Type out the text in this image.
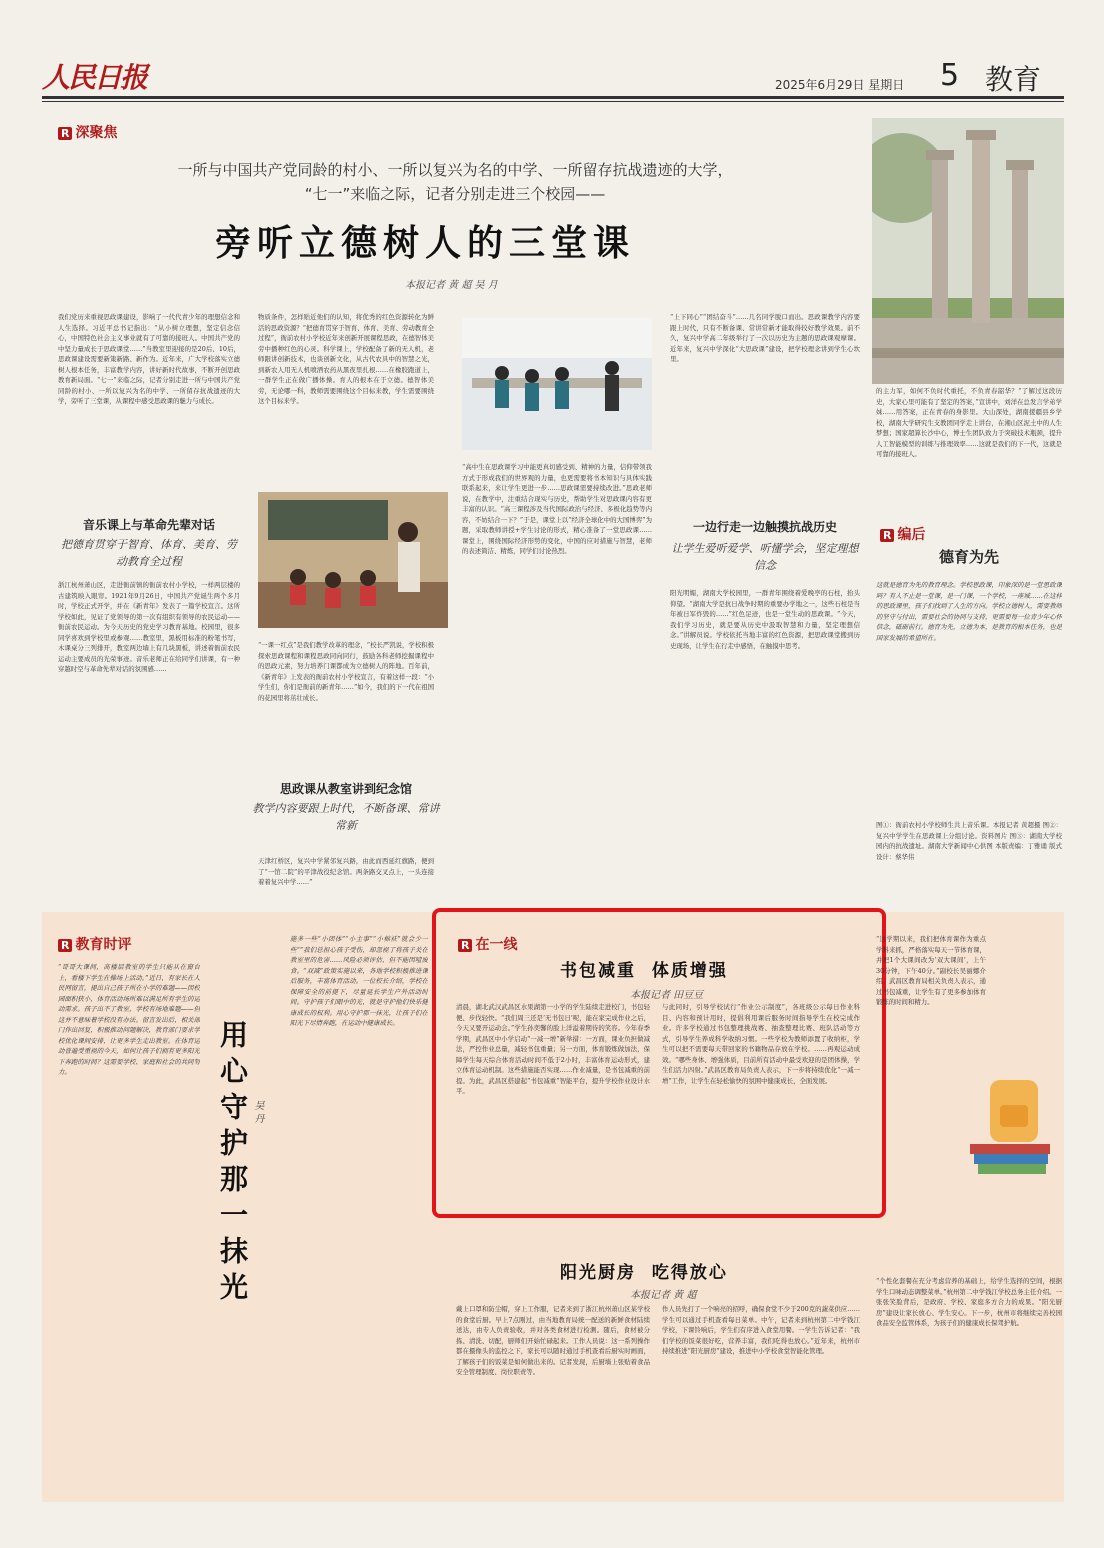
人民日报	2025年6月29日 星期日 5 教育
R 深聚焦
一所与中国共产党同龄的村小、一所以复兴为名的中学、一所留存抗战遗迹的大学，
“七一”来临之际，记者分别走进三个校园——
旁听立德树人的三堂课
本报记者 黄 超 吴 月
我们党历来重视思政课建设，影响了一代代青少年的理想信念和人生选择。习近平总书记指出：“从小树立理想，坚定信念信心，中国特色社会主义事业就有了可靠的接班人。中国共产党的中坚力量成长于思政课堂……”当教室里迎接的是20后、10后，思政课建设需要新策新路、新作为。近年来，广大学校落实立德树人根本任务，丰富教学内容，讲好新时代故事，不断开创思政教育新局面。“七一”来临之际，记者分别走进一所与中国共产党同龄的村小、一所以复兴为名的中学、一所留存抗战遗迹的大学，旁听了三堂课，从课程中感受思政课的魅力与成长。
音乐课上与革命先辈对话
把德育贯穿于智育、体育、美育、劳动教育全过程
浙江杭州萧山区，走进衙前镇的衙前农村小学校，一样两层楼的古建筑映入眼帘。1921年9月26日，中国共产党诞生两个多月时，学校正式开学，并在《新青年》发表了一篇学校宣言。这所学校如此，见证了党领导的第一次有组织有领导的农民运动——衙前农民运动。为今天历史的党史学习教育基地。校园里，很多同学喜欢到学校里或参观……教室里，黑板用标准的粉笔书写，木课桌分三列排开，教室两边墙上有几块黑板，讲述着衙前农民运动主要成员的光荣事迹。音乐老师正在给同学们讲课，有一种穿越时空与革命先辈对话的氛围感……
物质条件，怎样贴近他们的认知，将优秀的红色资源转化为鲜活的思政资源？“把德育贯穿于智育、体育、美育、劳动教育全过程”，衙前农村小学校近年来创新开展课程思政，在德智体美劳中播种红色的心灵。科学课上，学校配备了新的无人机，老师跟讲创新技术，也谈创新文化，从古代农具中的智慧之光，到新农人用无人机喷洒农药从黑夜里扎根……在橡胶跑道上，一群学生正在做广播体操。育人的根本在于立德。德智体美劳，无论哪一科，教师需要围绕这个目标来教，学生需要围绕这个目标来学。
“一课一红点”是我们教学改革的理念，“校长严凯说，学校积极探索思政课程和课程思政同向同行，鼓励各科老师挖掘课程中的思政元素，努力培养门课都成为立德树人的阵地。百年前，《新青年》上发表的衙前农村小学校宣言，有着这样一段：“小学生们，你们是衙前的新青年……”如今，我们的下一代在祖国的花园里将茁壮成长。
思政课从教室讲到纪念馆
教学内容要跟上时代，不断备课、常讲常新
天津红桥区，复兴中学紧邻复兴路，由此而西延红旗路，便到了“一馆二院”的平津战役纪念馆。两条路交叉点上，一头连接着着复兴中学……”
“高中生在思政课学习中能更真切感受到、精神的力量，信仰带领我方式于形成我们的世界观的力量，也更需要将书本知识与具体实践联系起来，来让学生更进一步……思政课需要持续改进。”思政老师说，在教学中，注重结合现实与历史，帮助学生对思政课内容有更丰富的认识。“高三课程涉及当代国际政治与经济、多极化趋势等内容，不妨结合一下？”于是，课堂上以“经济全球化中的大国博弈”为题，采取教师讲授+学生讨论的形式，精心准备了一堂思政课……课堂上，围绕国际经济形势的变化，中国的应对措施与智慧，老师的表述简洁、精炼，同学们讨论热烈。
“上下同心”“团结奋斗”……几名同学脱口而出。思政课教学内容要跟上时代，只有不断备课、常讲常新才能取得较好教学效果。前不久，复兴中学高二年级举行了一次以历史为主题的思政课观摩课。近年来，复兴中学深化“大思政课”建设，把学校理念讲到学生心坎里。
一边行走一边触摸抗战历史
让学生爱听爱学、听懂学会，坚定理想信念
阳光明媚，湖南大学校园里，一群青年围绕着爱晚亭的石柱，抬头仰望。“湖南大学是抗日战争时期的重要办学地之一，这些石柱是当年被日军炸毁的……”红色足迹，也是一堂生动的思政课。“今天，我们学习历史，就是要从历史中汲取智慧和力量，坚定理想信念。”讲解员说。学校依托当地丰富的红色资源，把思政课堂搬到历史现场，让学生在行走中感悟，在触摸中思考。
的主力军，如何不负时代重托，不负青春韶华？“了解过这段历史，大家心里可能有了坚定的答案，”宣讲中，刘洋在总发言学弟学妹……用答案，正在青春的身影里。大山深处，湖南援疆县乡学校，湖南大学研究生支教团同学走上讲台，在湘山区泥土中的人生梦想；国家超算长沙中心，博士生团队致力于突破技术瓶颈，提升人工智能模型的训练与推理效率……这就是我们的下一代，这就是可靠的接班人。
R 编后
德育为先
这就是德育为先的教育理念。学校思政课，印象深的是一堂思政课吗？有人不止是一堂课，是一门课，一个学校，一座城……在这样的思政课里，孩子们找到了人生的方向。学校立德树人，需要教师的坚守与付出，需要社会的协同与支持，更需要每一位青少年心怀信念，砥砺前行。德育为先，立德为本，是教育的根本任务，也是国家发展的希望所在。
图①：衙前农村小学校师生共上音乐课。本报记者 黄超摄 图②：复兴中学学生在思政课上分组讨论。资料图片 图③：湖南大学校园内的抗战遗址。湖南大学新闻中心供图 本版责编：丁雅诵 版式设计：蔡华伟
R 教育时评
“哥哥大课间，高楼层教室的学生只能从在窗台上，看楼下学生在操场上活动。”近日，有家长在人民网留言，提出自己孩子所在小学的难题——因校园面积狭小，体育活动场所难以满足所有学生的运动需求。孩子出不了教室，学校有场地难题——但这并不意味着学校没有办法。留言发出后，相关部门作出回复，积极推动问题解决，教育部门要求学校优化课间安排，让更多学生走出教室。在体育运动普遍受重视的今天，如何让孩子们拥有更多阳光下奔跑的时间？这需要学校、家庭和社会的共同努力。	用心守护那一抹光 吴 丹
施多一些“小团体”“小主事”“小棉袄”就会少一些“”我们总担心孩子受伤，却忽视了将孩子关在教室里的危害……风险必须评估，但不能因噎废食。“双减”政策实施以来，各地学校积极推进课后服务，丰富体育活动。一位校长介绍，学校在保障安全的前提下，尽量延长学生户外活动时间。守护孩子们眼中的光，就是守护他们快乐健康成长的权利。用心守护那一抹光，让孩子们在阳光下尽情奔跑，在运动中健康成长。
R 在一线
书包减重  体质增强
本报记者 田豆豆
清晨，湖北武汉武昌区水果湖第一小学的学生陆续走进校门，书包轻便、步伐轻快。“我们周三还是‘无书包日’呢，能在家完成作业之后，今天又要开运动会。”学生孙奕馨的脸上洋溢着期待的笑容。今年春季学期，武昌区中小学启动“一减一增”新举措：一方面，课业负担做减法，严控作业总量，减轻书包重量；另一方面，体育锻炼做加法，保障学生每天综合体育活动时间不低于2小时，丰富体育运动形式，建立体育运动机制。这些措施能否实现……作业减量，是书包减重的前提。为此，武昌区搭建起“书包减重”智能平台，提升学校作业设计水平。
与此同时，引导学校试行“作业公示制度”，各班级公示每日作业科目、内容和预计用时，提倡利用课后服务时间指导学生在校完成作业。许多学校通过书包整理挑战赛、抽查整理比赛、班队活动等方式，引导学生养成科学收纳习惯。一些学校为教师添置了收纳柜，学生可以把不需要每天带回家的书籍物品存放在学校。……再观运动成效。“哪些身体、增强体质，目前所有活动中最受欢迎的是团体操，学生们活力四射。”武昌区教育局负责人表示，下一步将持续优化“一减一增”工作，让学生在轻松愉快的氛围中健康成长，全面发展。
阳光厨房  吃得放心
本报记者 黄 超
戴上口罩和防尘帽，穿上工作服，记者来到了浙江杭州萧山区某学校的食堂后厨。早上7点刚过，由当地教育局统一配送的新鲜食材陆续送达，由专人负责验收，并对各类食材进行检测。随后，食材被分拣、清洗、切配，厨师们开始忙碌起来。工作人员说：这一系列操作都在摄像头的监控之下，家长可以随时通过手机查看后厨实时画面，了解孩子们的饭菜是如何做出来的。记者发现，后厨墙上张贴着食品安全管理制度、岗位职责等。
作人员先打了一个响亮的招呼，确保食堂不少于200克的蔬菜供应……学生可以通过手机查看每日菜单。中午，记者来到杭州第二中学钱江学校，下课铃响后，学生们有序进入食堂用餐。一学生告诉记者：“我们学校的饭菜很好吃，营养丰富，我们吃得也放心。”近年来，杭州市持续推进“阳光厨房”建设，推进中小学校食堂智能化管理。
“这学期以来，我们把体育课作为重点学科来抓，严格落实每天一节体育课，并把1个大课间改为‘双大课间’，上午30分钟，下午40分。”副校长吴丽娜介绍。武昌区教育局相关负责人表示，通过书包减重，让学生有了更多参加体育锻炼的时间和精力。
“个性化套餐在充分考虑营养的基础上，给学生选择的空间，根据学生口味动态调整菜单。”杭州第二中学钱江学校总务主任介绍。一张张笑脸背后，是政府、学校、家庭多方合力的成果。“阳光厨房”建设让家长放心、学生安心。下一步，杭州市将继续完善校园食品安全监管体系，为孩子们的健康成长保驾护航。
